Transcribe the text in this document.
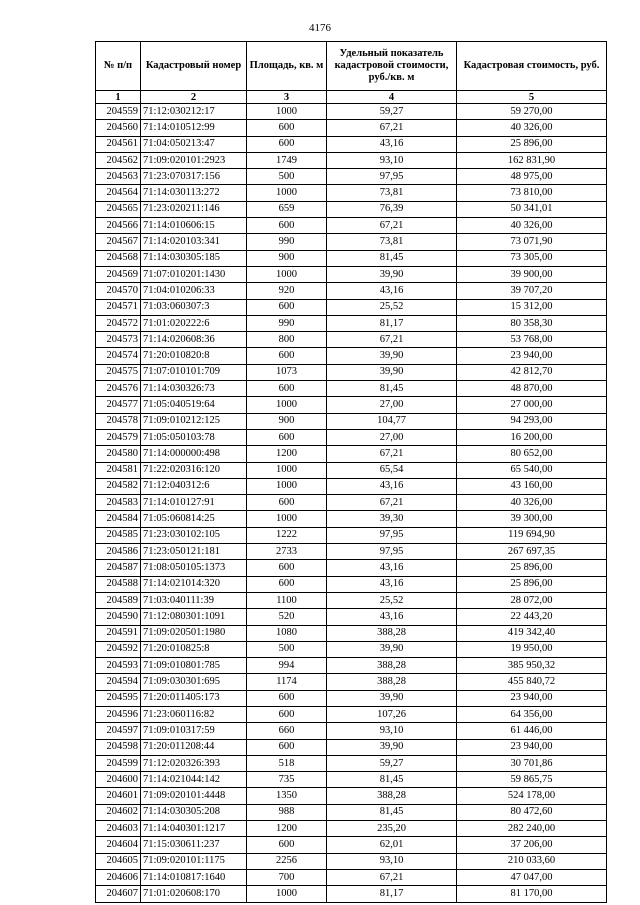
4176
№ п/п	Кадастровый номер	Площадь, кв. м	Удельный показатель кадастровой стоимости, руб./кв. м	Кадастровая стоимость, руб.
1	2	3	4	5
204559	71:12:030212:17	1000	59,27	59 270,00
204560	71:14:010512:99	600	67,21	40 326,00
204561	71:04:050213:47	600	43,16	25 896,00
204562	71:09:020101:2923	1749	93,10	162 831,90
204563	71:23:070317:156	500	97,95	48 975,00
204564	71:14:030113:272	1000	73,81	73 810,00
204565	71:23:020211:146	659	76,39	50 341,01
204566	71:14:010606:15	600	67,21	40 326,00
204567	71:14:020103:341	990	73,81	73 071,90
204568	71:14:030305:185	900	81,45	73 305,00
204569	71:07:010201:1430	1000	39,90	39 900,00
204570	71:04:010206:33	920	43,16	39 707,20
204571	71:03:060307:3	600	25,52	15 312,00
204572	71:01:020222:6	990	81,17	80 358,30
204573	71:14:020608:36	800	67,21	53 768,00
204574	71:20:010820:8	600	39,90	23 940,00
204575	71:07:010101:709	1073	39,90	42 812,70
204576	71:14:030326:73	600	81,45	48 870,00
204577	71:05:040519:64	1000	27,00	27 000,00
204578	71:09:010212:125	900	104,77	94 293,00
204579	71:05:050103:78	600	27,00	16 200,00
204580	71:14:000000:498	1200	67,21	80 652,00
204581	71:22:020316:120	1000	65,54	65 540,00
204582	71:12:040312:6	1000	43,16	43 160,00
204583	71:14:010127:91	600	67,21	40 326,00
204584	71:05:060814:25	1000	39,30	39 300,00
204585	71:23:030102:105	1222	97,95	119 694,90
204586	71:23:050121:181	2733	97,95	267 697,35
204587	71:08:050105:1373	600	43,16	25 896,00
204588	71:14:021014:320	600	43,16	25 896,00
204589	71:03:040111:39	1100	25,52	28 072,00
204590	71:12:080301:1091	520	43,16	22 443,20
204591	71:09:020501:1980	1080	388,28	419 342,40
204592	71:20:010825:8	500	39,90	19 950,00
204593	71:09:010801:785	994	388,28	385 950,32
204594	71:09:030301:695	1174	388,28	455 840,72
204595	71:20:011405:173	600	39,90	23 940,00
204596	71:23:060116:82	600	107,26	64 356,00
204597	71:09:010317:59	660	93,10	61 446,00
204598	71:20:011208:44	600	39,90	23 940,00
204599	71:12:020326:393	518	59,27	30 701,86
204600	71:14:021044:142	735	81,45	59 865,75
204601	71:09:020101:4448	1350	388,28	524 178,00
204602	71:14:030305:208	988	81,45	80 472,60
204603	71:14:040301:1217	1200	235,20	282 240,00
204604	71:15:030611:237	600	62,01	37 206,00
204605	71:09:020101:1175	2256	93,10	210 033,60
204606	71:14:010817:1640	700	67,21	47 047,00
204607	71:01:020608:170	1000	81,17	81 170,00
